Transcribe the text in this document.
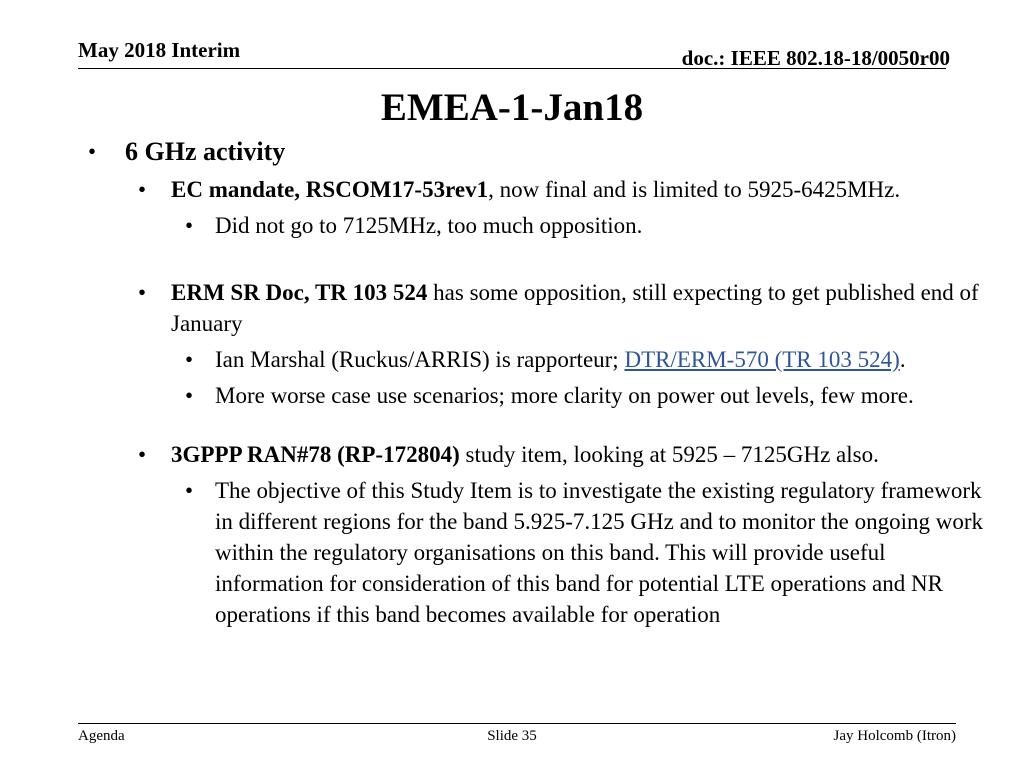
May 2018 Interim	doc.: IEEE 802.18-18/0050r00
EMEA-1-Jan18
• 6 GHz activity
• EC mandate, RSCOM17-53rev1, now final and is limited to 5925-6425MHz.
• Did not go to 7125MHz, too much opposition.
• ERM SR Doc, TR 103 524 has some opposition, still expecting to get published end of January
• Ian Marshal (Ruckus/ARRIS) is rapporteur; DTR/ERM-570 (TR 103 524).
• More worse case use scenarios; more clarity on power out levels, few more.
• 3GPPP RAN#78 (RP-172804) study item, looking at 5925 – 7125GHz also.
• The objective of this Study Item is to investigate the existing regulatory framework in different regions for the band 5.925-7.125 GHz and to monitor the ongoing work within the regulatory organisations on this band. This will provide useful information for consideration of this band for potential LTE operations and NR operations if this band becomes available for operation
Agenda	Slide 35	Jay Holcomb (Itron)
